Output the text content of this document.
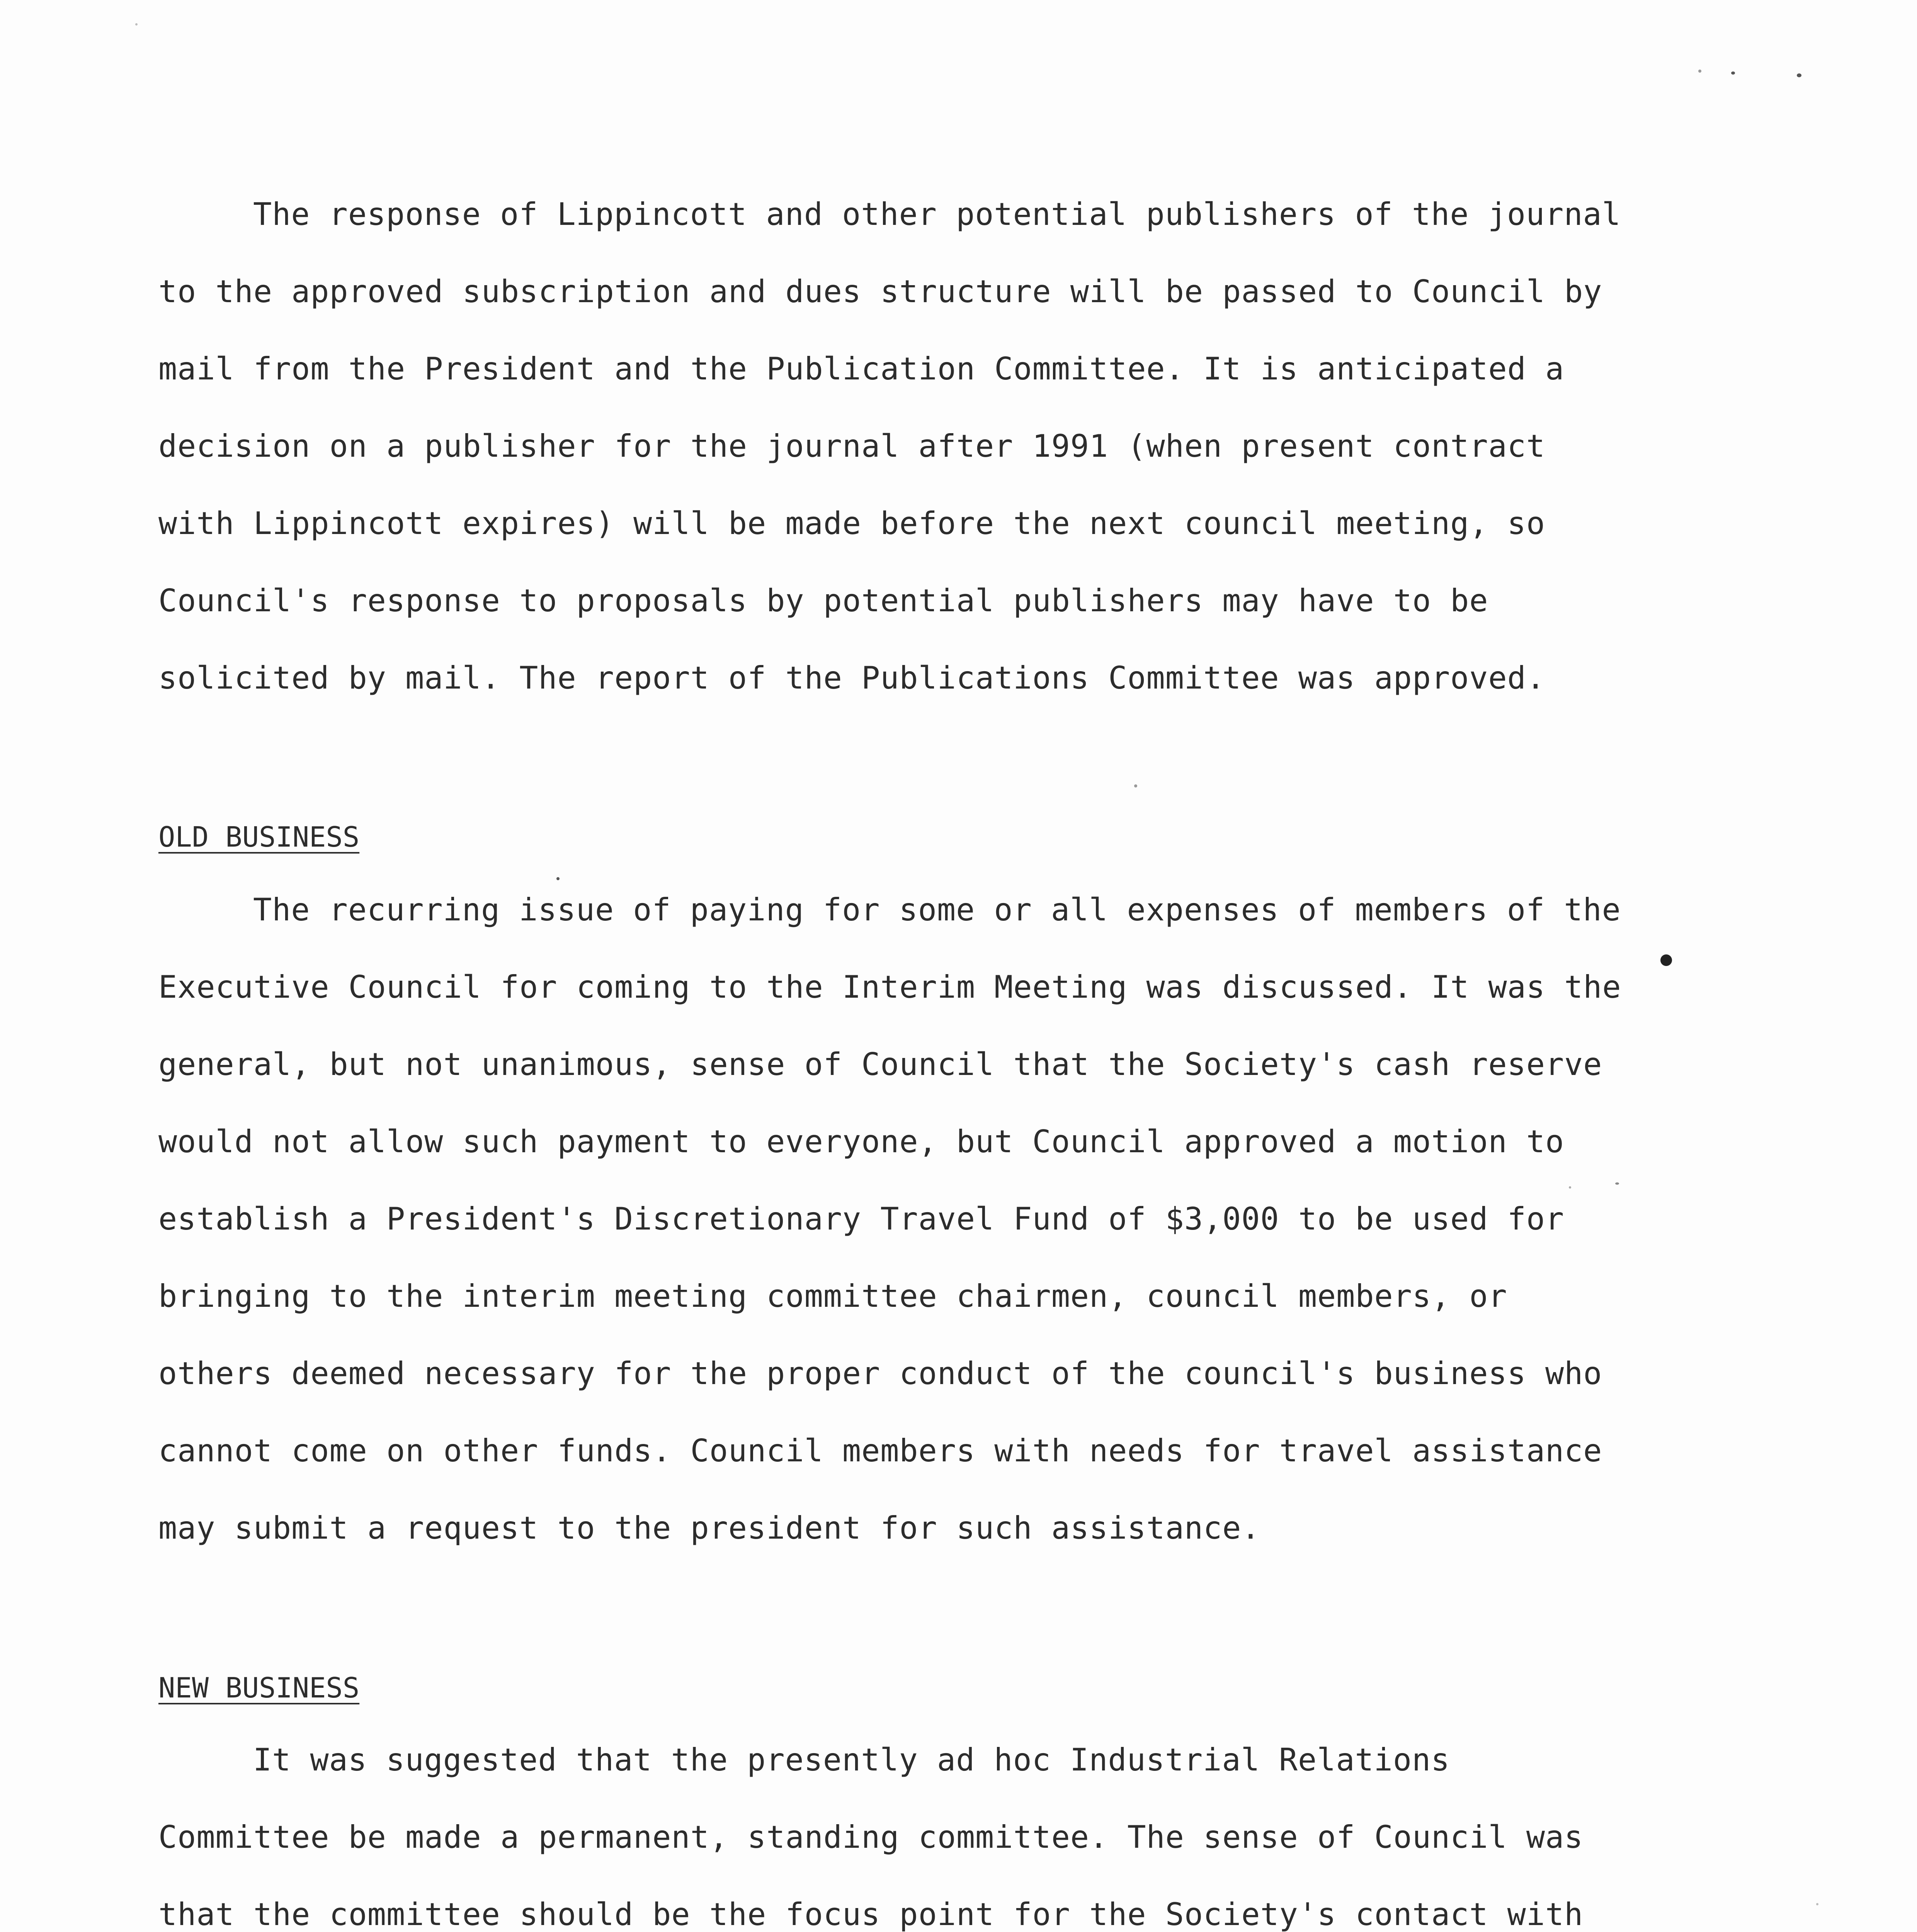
The response of Lippincott and other potential publishers of the journal

to the approved subscription and dues structure will be passed to Council by

mail from the President and the Publication Committee. It is anticipated a

decision on a publisher for the journal after 1991 (when present contract

with Lippincott expires) will be made before the next council meeting, so

Council's response to proposals by potential publishers may have to be

solicited by mail. The report of the Publications Committee was approved.

OLD BUSINESS

The recurring issue of paying for some or all expenses of members of the

Executive Council for coming to the Interim Meeting was discussed. It was the

general, but not unanimous, sense of Council that the Society's cash reserve

would not allow such payment to everyone, but Council approved a motion to

establish a President's Discretionary Travel Fund of $3,000 to be used for

bringing to the interim meeting committee chairmen, council members, or

others deemed necessary for the proper conduct of the council's business who

cannot come on other funds. Council members with needs for travel assistance

may submit a request to the president for such assistance.

NEW BUSINESS

It was suggested that the presently ad hoc Industrial Relations

Committee be made a permanent, standing committee. The sense of Council was

that the committee should be the focus point for the Society's contact with
